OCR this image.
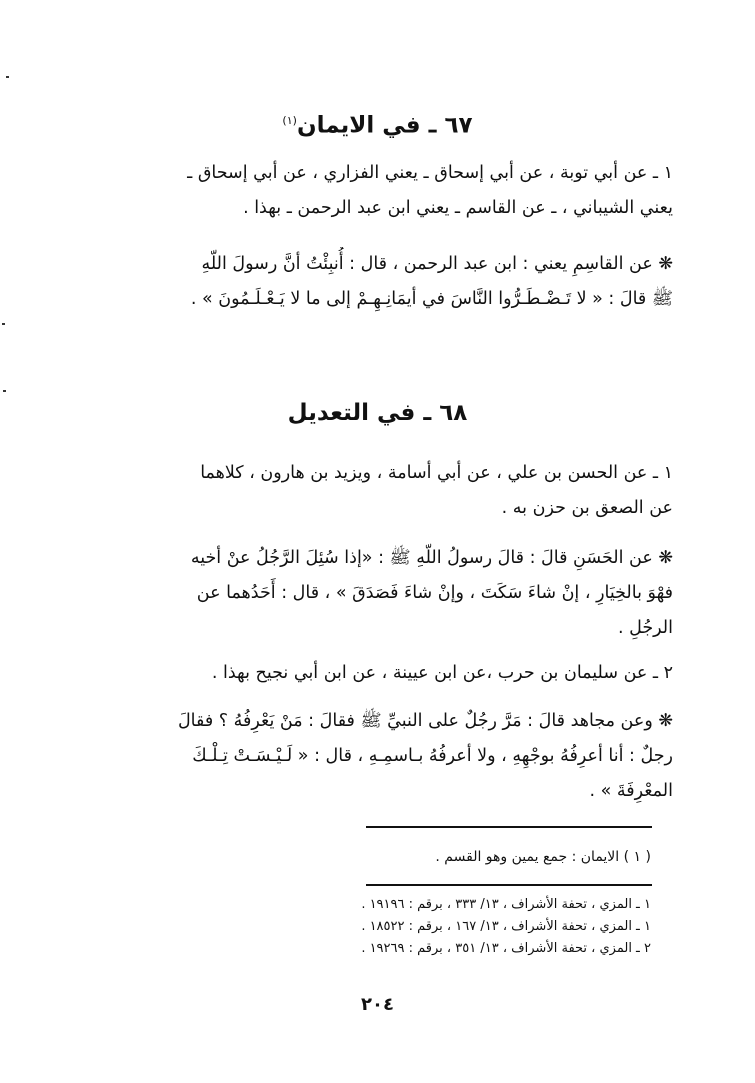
٦٧ ـ في الايمان$^{(١)}$
١ ـ عن أبي توبة ، عن أبي إسحاق ـ يعني الفزاري ، عن أبي إسحاق ـ
يعني الشيباني ، ـ عن القاسم ـ يعني ابن عبد الرحمن ـ بهذا .
❋ عن القاسِمِ يعني : ابن عبد الرحمن ، قال : أُنبِئْتُ أنَّ رسولَ اللّهِ
ﷺ قالَ : « لا تَـضْـطَـرُّوا النَّاسَ في أيمَانِـهِـمْ إلى ما لا يَـعْـلَـمُونَ » .
٦٨ ـ في التعديل
١ ـ عن الحسن بن علي ، عن أبي أسامة ، ويزيد بن هارون ، كلاهما
عن الصعق بن حزن به .
❋ عن الحَسَنِ قالَ : قالَ رسولُ اللّهِ ﷺ : «إذا سُئِلَ الرَّجُلُ عنْ أخيه
فهْوَ بالخِيَارِ ، إنْ شاءَ سَكَتَ ، وإنْ شاءَ فَصَدَقَ » ، قال : أَحَدُهما عن
الرجُلِ .
٢ ـ عن سليمان بن حرب ،عن ابن عيينة ، عن ابن أبي نجيح بهذا .
❋ وعن مجاهد قالَ : مَرَّ رجُلٌ على النبيِّ ﷺ فقالَ : مَنْ يَعْرِفُهُ ؟ فقالَ
رجلٌ : أنا أعرِفُهُ بوجْهِهِ ، ولا أعرفُهُ بـاسمِـهِ ، قال : « لَـيْـسَـتْ تِـلْـكَ
المعْرِفَةَ » .
( ١ ) الايمان : جمع يمين وهو القسم .
١ ـ المزي ، تحفة الأشراف ، ١٣/ ٣٣٣ ، برقم : ١٩١٩٦ .
١ ـ المزي ، تحفة الأشراف ، ١٣/ ١٦٧ ، برقم : ١٨٥٢٢ .
٢ ـ المزي ، تحفة الأشراف ، ١٣/ ٣٥١ ، برقم : ١٩٢٦٩ .
٢٠٤
